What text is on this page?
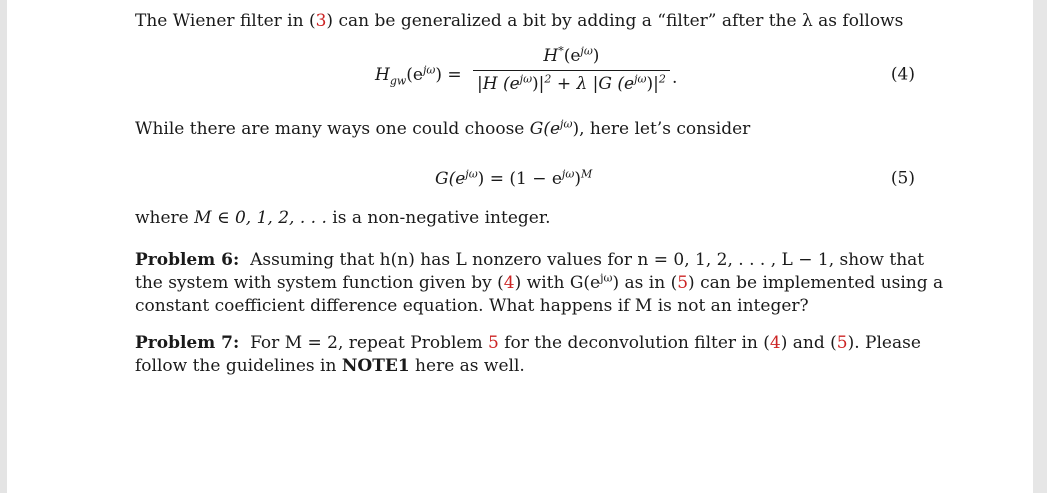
The Wiener filter in (3) can be generalized a bit by adding a “filter” after the λ as follows

$H_{gw}(e^{j\omega})$ =
$H^*(e^{j\omega})$
|H $(e^{j\omega})|^2 + \lambda$ |G $(e^{j\omega})|^2$ .	(4)

While there are many ways one could choose $G(e^{j\omega})$, here let’s consider

$G(e^{j\omega}) = (1 - e^{j\omega})^M$	(5)

where M ∈ 0, 1, 2, . . . is a non-negative integer.

Problem 6: Assuming that h(n) has L nonzero values for n = 0, 1, 2, . . . , L − 1, show that
the system with system function given by (4) with $G(e^{j\omega})$ as in (5) can be implemented using a
constant coefficient difference equation. What happens if M is not an integer?
Problem 7: For M = 2, repeat Problem 5 for the deconvolution filter in (4) and (5). Please
follow the guidelines in NOTE1 here as well.
